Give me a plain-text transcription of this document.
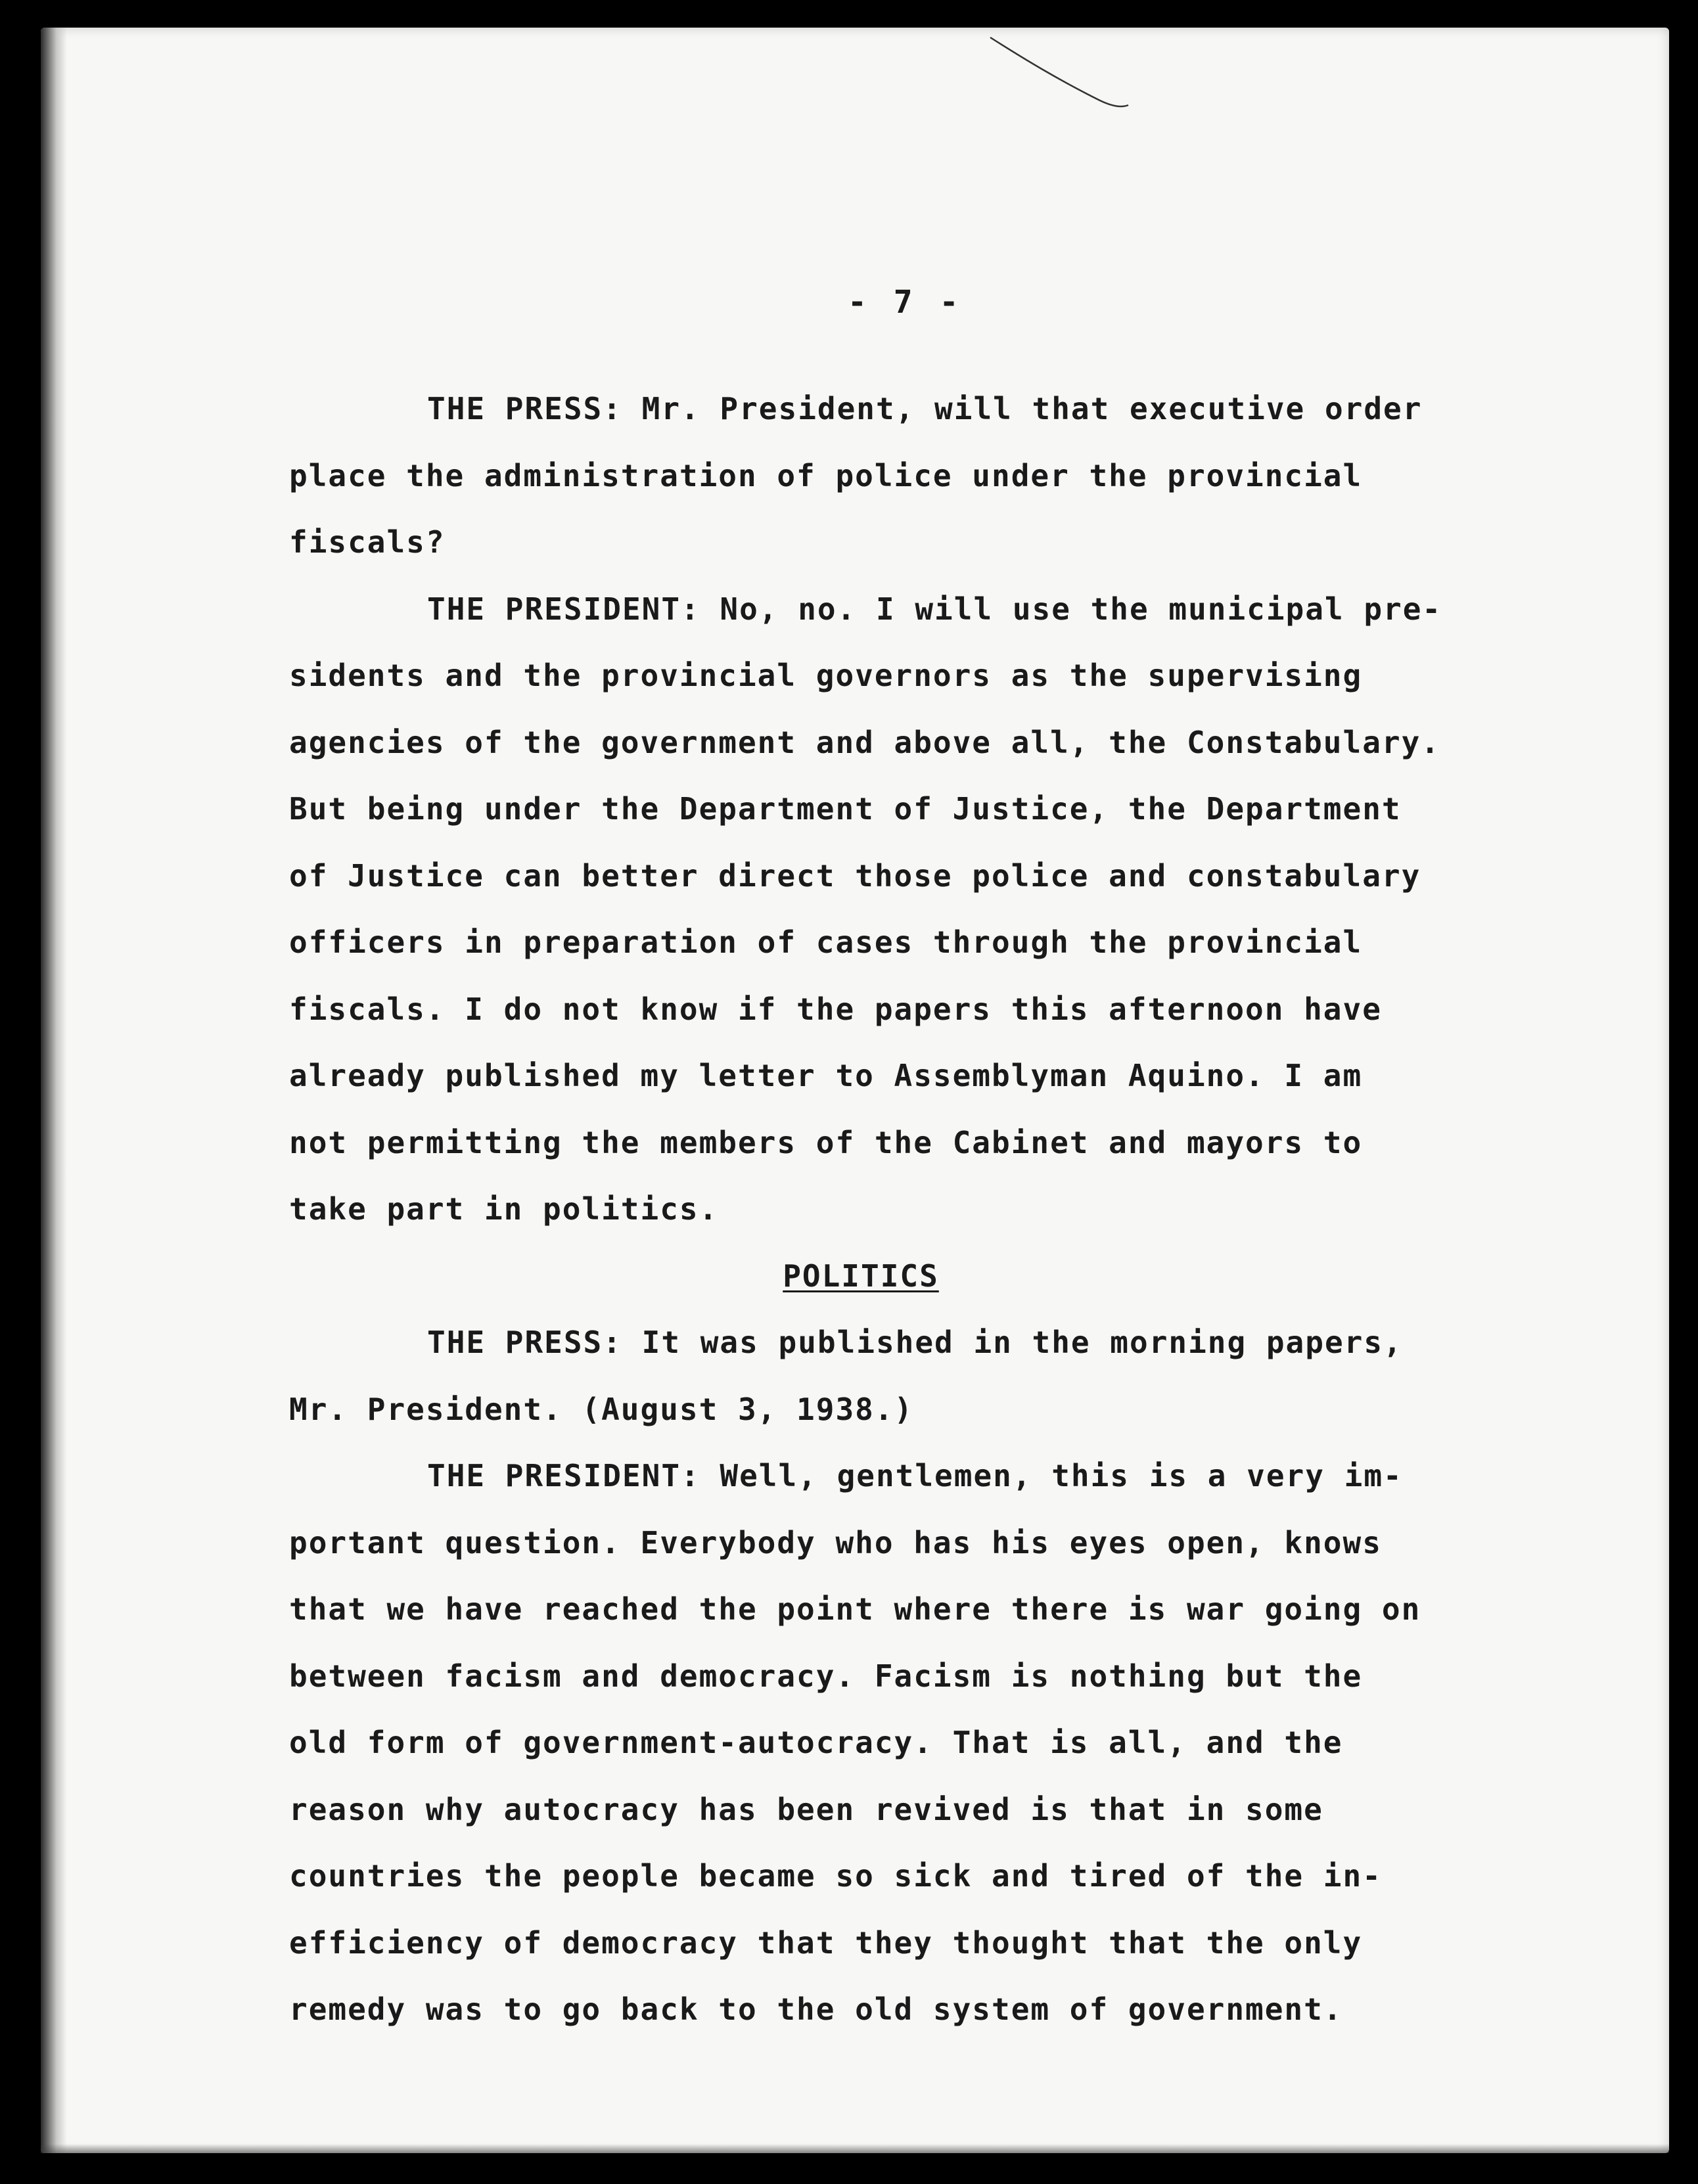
- 7 -
THE PRESS: Mr. President, will that executive order
place the administration of police under the provincial
fiscals?
THE PRESIDENT: No, no. I will use the municipal pre-
sidents and the provincial governors as the supervising
agencies of the government and above all, the Constabulary.
But being under the Department of Justice, the Department
of Justice can better direct those police and constabulary
officers in preparation of cases through the provincial
fiscals. I do not know if the papers this afternoon have
already published my letter to Assemblyman Aquino. I am
not permitting the members of the Cabinet and mayors to
take part in politics.
POLITICS
THE PRESS: It was published in the morning papers,
Mr. President. (August 3, 1938.)
THE PRESIDENT: Well, gentlemen, this is a very im-
portant question. Everybody who has his eyes open, knows
that we have reached the point where there is war going on
between facism and democracy. Facism is nothing but the
old form of government-autocracy. That is all, and the
reason why autocracy has been revived is that in some
countries the people became so sick and tired of the in-
efficiency of democracy that they thought that the only
remedy was to go back to the old system of government.
